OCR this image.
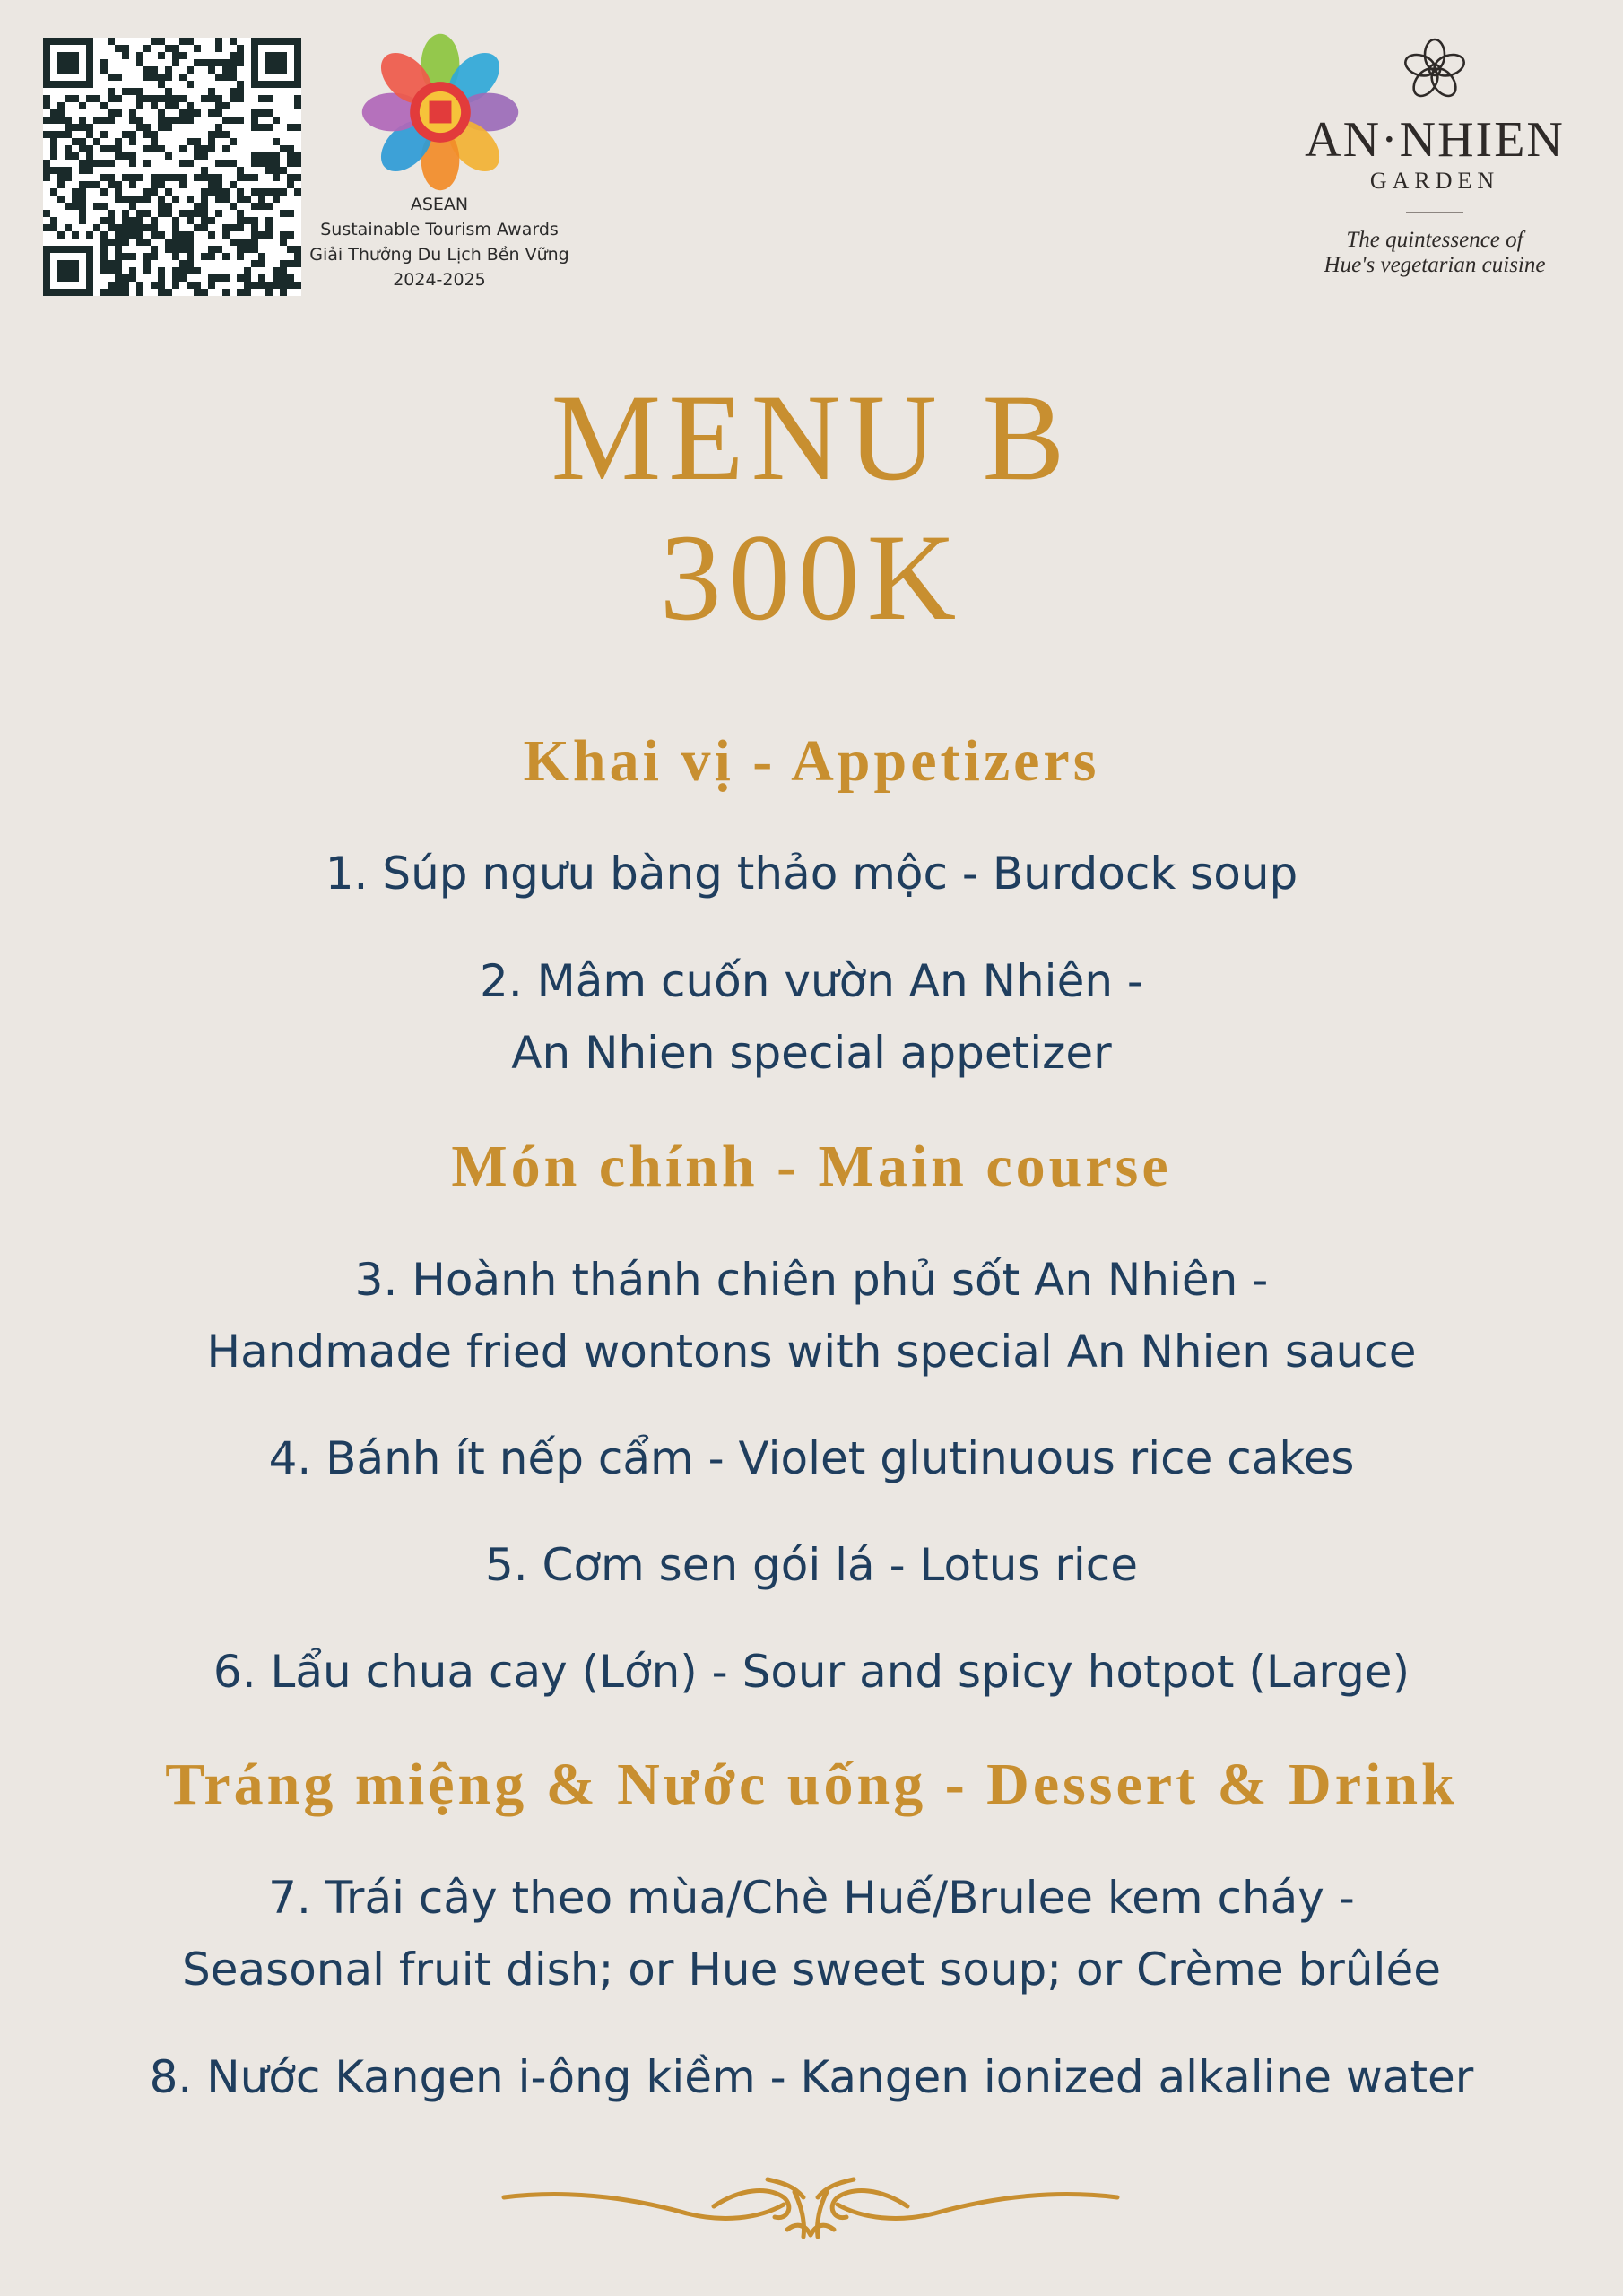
ASEAN
Sustainable Tourism Awards
Giải Thưởng Du Lịch Bền Vững
2024-2025
AN·NHIEN
GARDEN
The quintessence of
Hue's vegetarian cuisine
MENU B
300K
Khai vị - Appetizers
1. Súp ngưu bàng thảo mộc - Burdock soup
2. Mâm cuốn vườn An Nhiên -
An Nhien special appetizer
Món chính - Main course
3. Hoành thánh chiên phủ sốt An Nhiên -
Handmade fried wontons with special An Nhien sauce
4. Bánh ít nếp cẩm - Violet glutinuous rice cakes
5. Cơm sen gói lá - Lotus rice
6. Lẩu chua cay (Lớn) - Sour and spicy hotpot (Large)
Tráng miệng & Nước uống - Dessert & Drink
7. Trái cây theo mùa/Chè Huế/Brulee kem cháy -
Seasonal fruit dish; or Hue sweet soup; or Crème brûlée
8. Nước Kangen i-ông kiềm - Kangen ionized alkaline water
